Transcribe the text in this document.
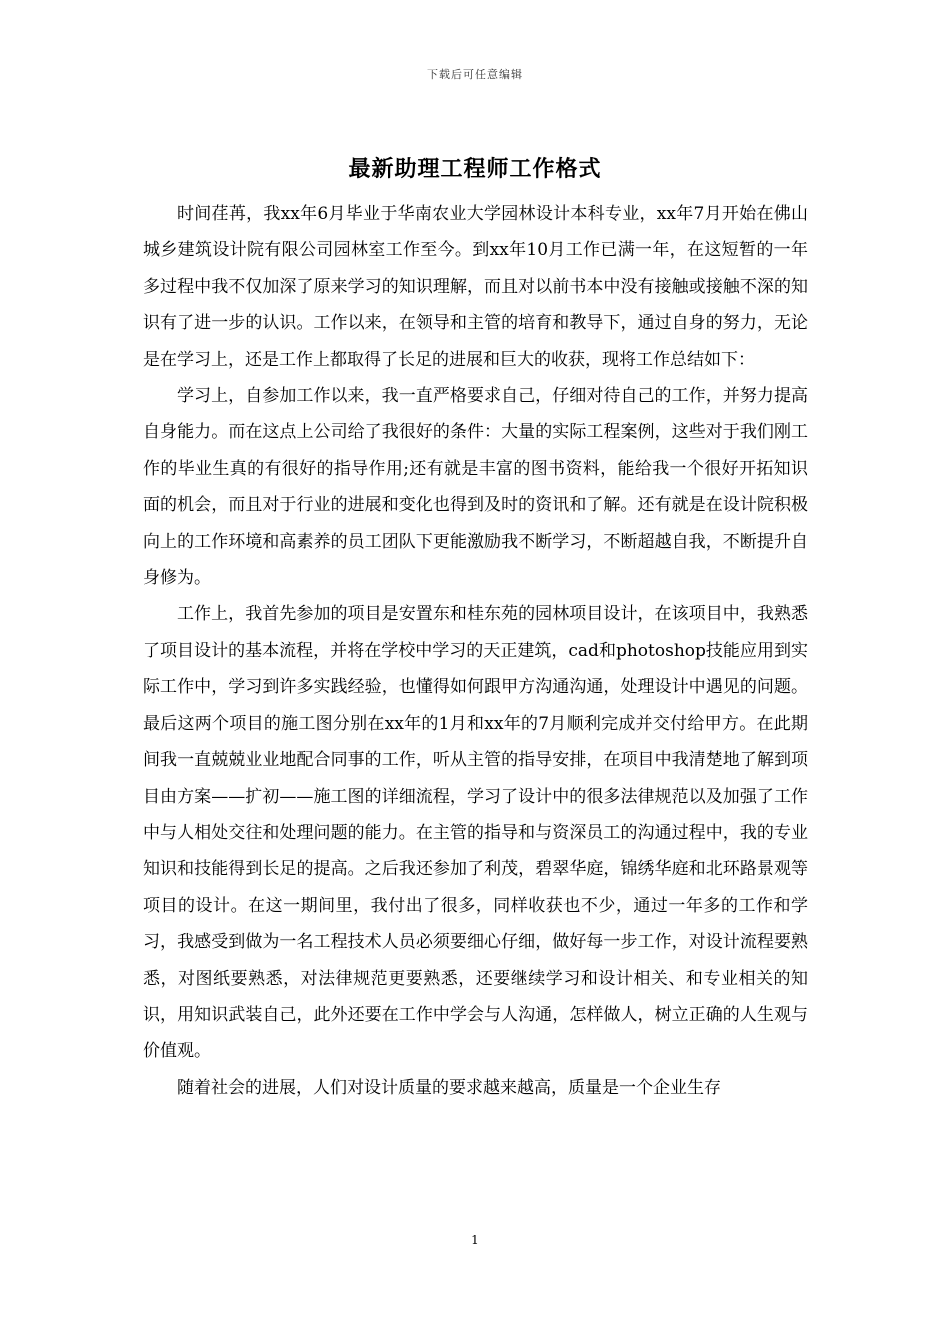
下载后可任意编辑
最新助理工程师工作格式

时间荏苒，我xx年6月毕业于华南农业大学园林设计本科专业，xx年7月开始在佛山城乡建筑设计院有限公司园林室工作至今。到xx年10月工作已满一年，在这短暂的一年多过程中我不仅加深了原来学习的知识理解，而且对以前书本中没有接触或接触不深的知识有了进一步的认识。工作以来，在领导和主管的培育和教导下，通过自身的努力，无论是在学习上，还是工作上都取得了长足的进展和巨大的收获，现将工作总结如下：

学习上，自参加工作以来，我一直严格要求自己，仔细对待自己的工作，并努力提高自身能力。而在这点上公司给了我很好的条件：大量的实际工程案例，这些对于我们刚工作的毕业生真的有很好的指导作用;还有就是丰富的图书资料，能给我一个很好开拓知识面的机会，而且对于行业的进展和变化也得到及时的资讯和了解。还有就是在设计院积极向上的工作环境和高素养的员工团队下更能激励我不断学习，不断超越自我，不断提升自身修为。

工作上，我首先参加的项目是安置东和桂东苑的园林项目设计，在该项目中，我熟悉了项目设计的基本流程，并将在学校中学习的天正建筑，cad和photoshop技能应用到实际工作中，学习到许多实践经验，也懂得如何跟甲方沟通沟通，处理设计中遇见的问题。最后这两个项目的施工图分别在xx年的1月和xx年的7月顺利完成并交付给甲方。在此期间我一直兢兢业业地配合同事的工作，听从主管的指导安排，在项目中我清楚地了解到项目由方案——扩初——施工图的详细流程，学习了设计中的很多法律规范以及加强了工作中与人相处交往和处理问题的能力。在主管的指导和与资深员工的沟通过程中，我的专业知识和技能得到长足的提高。之后我还参加了利茂，碧翠华庭，锦绣华庭和北环路景观等项目的设计。在这一期间里，我付出了很多，同样收获也不少，通过一年多的工作和学习，我感受到做为一名工程技术人员必须要细心仔细，做好每一步工作，对设计流程要熟悉，对图纸要熟悉，对法律规范更要熟悉，还要继续学习和设计相关、和专业相关的知识，用知识武装自己，此外还要在工作中学会与人沟通，怎样做人，树立正确的人生观与价值观。

随着社会的进展，人们对设计质量的要求越来越高，质量是一个企业生存

1
